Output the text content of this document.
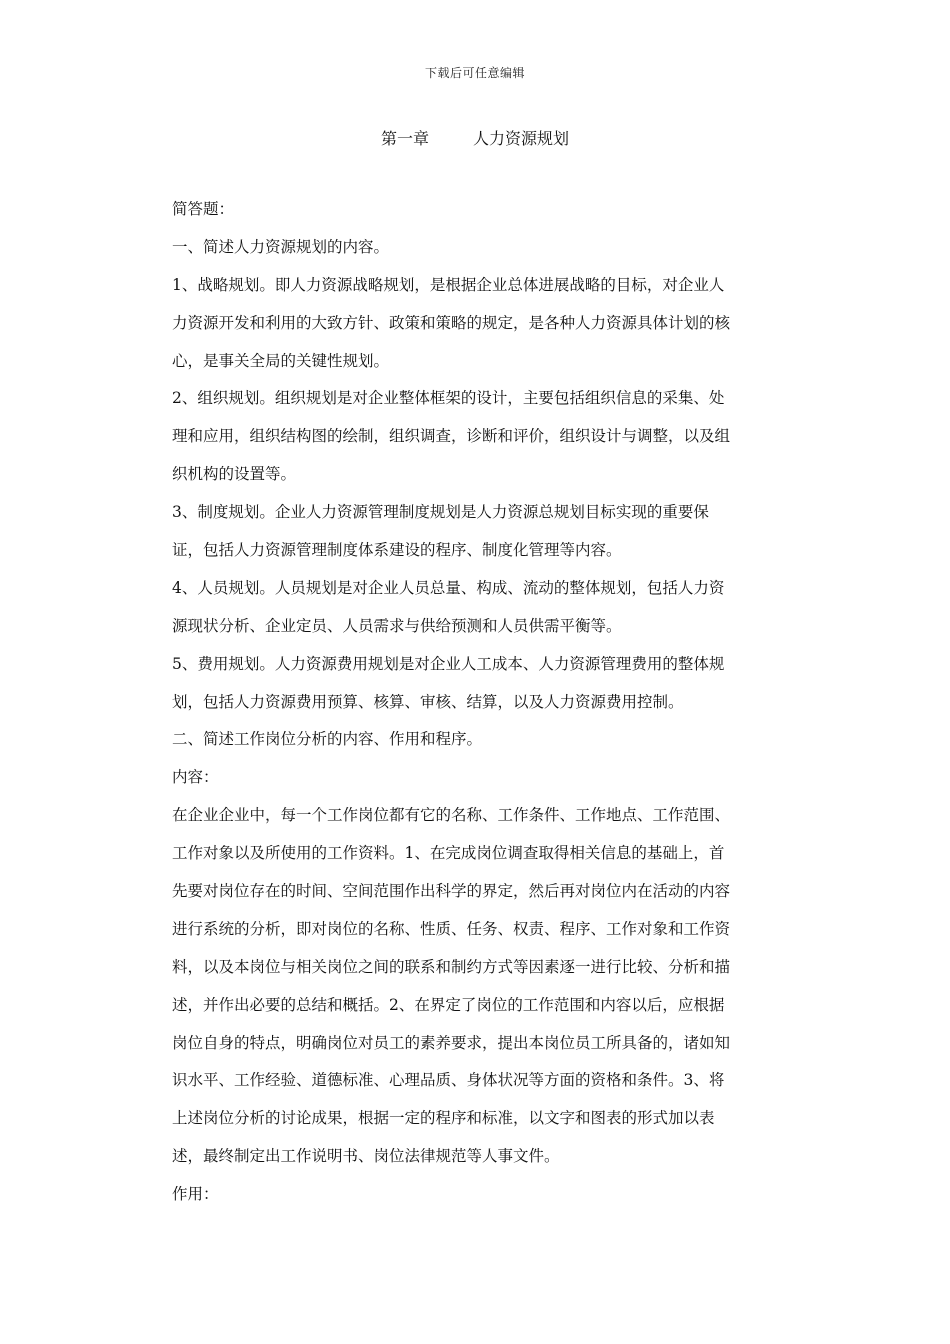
下载后可任意编辑
第一章	人力资源规划
简答题：
一、简述人力资源规划的内容。
1、战略规划。即人力资源战略规划，是根据企业总体进展战略的目标，对企业人
力资源开发和利用的大致方针、政策和策略的规定，是各种人力资源具体计划的核
心，是事关全局的关键性规划。
2、组织规划。组织规划是对企业整体框架的设计，主要包括组织信息的采集、处
理和应用，组织结构图的绘制，组织调查，诊断和评价，组织设计与调整，以及组
织机构的设置等。
3、制度规划。企业人力资源管理制度规划是人力资源总规划目标实现的重要保
证，包括人力资源管理制度体系建设的程序、制度化管理等内容。
4、人员规划。人员规划是对企业人员总量、构成、流动的整体规划，包括人力资
源现状分析、企业定员、人员需求与供给预测和人员供需平衡等。
5、费用规划。人力资源费用规划是对企业人工成本、人力资源管理费用的整体规
划，包括人力资源费用预算、核算、审核、结算，以及人力资源费用控制。
二、简述工作岗位分析的内容、作用和程序。
内容：
在企业企业中，每一个工作岗位都有它的名称、工作条件、工作地点、工作范围、
工作对象以及所使用的工作资料。1、在完成岗位调查取得相关信息的基础上，首
先要对岗位存在的时间、空间范围作出科学的界定，然后再对岗位内在活动的内容
进行系统的分析，即对岗位的名称、性质、任务、权责、程序、工作对象和工作资
料，以及本岗位与相关岗位之间的联系和制约方式等因素逐一进行比较、分析和描
述，并作出必要的总结和概括。2、在界定了岗位的工作范围和内容以后，应根据
岗位自身的特点，明确岗位对员工的素养要求，提出本岗位员工所具备的，诸如知
识水平、工作经验、道德标准、心理品质、身体状况等方面的资格和条件。3、将
上述岗位分析的讨论成果，根据一定的程序和标准，以文字和图表的形式加以表
述，最终制定出工作说明书、岗位法律规范等人事文件。
作用：
